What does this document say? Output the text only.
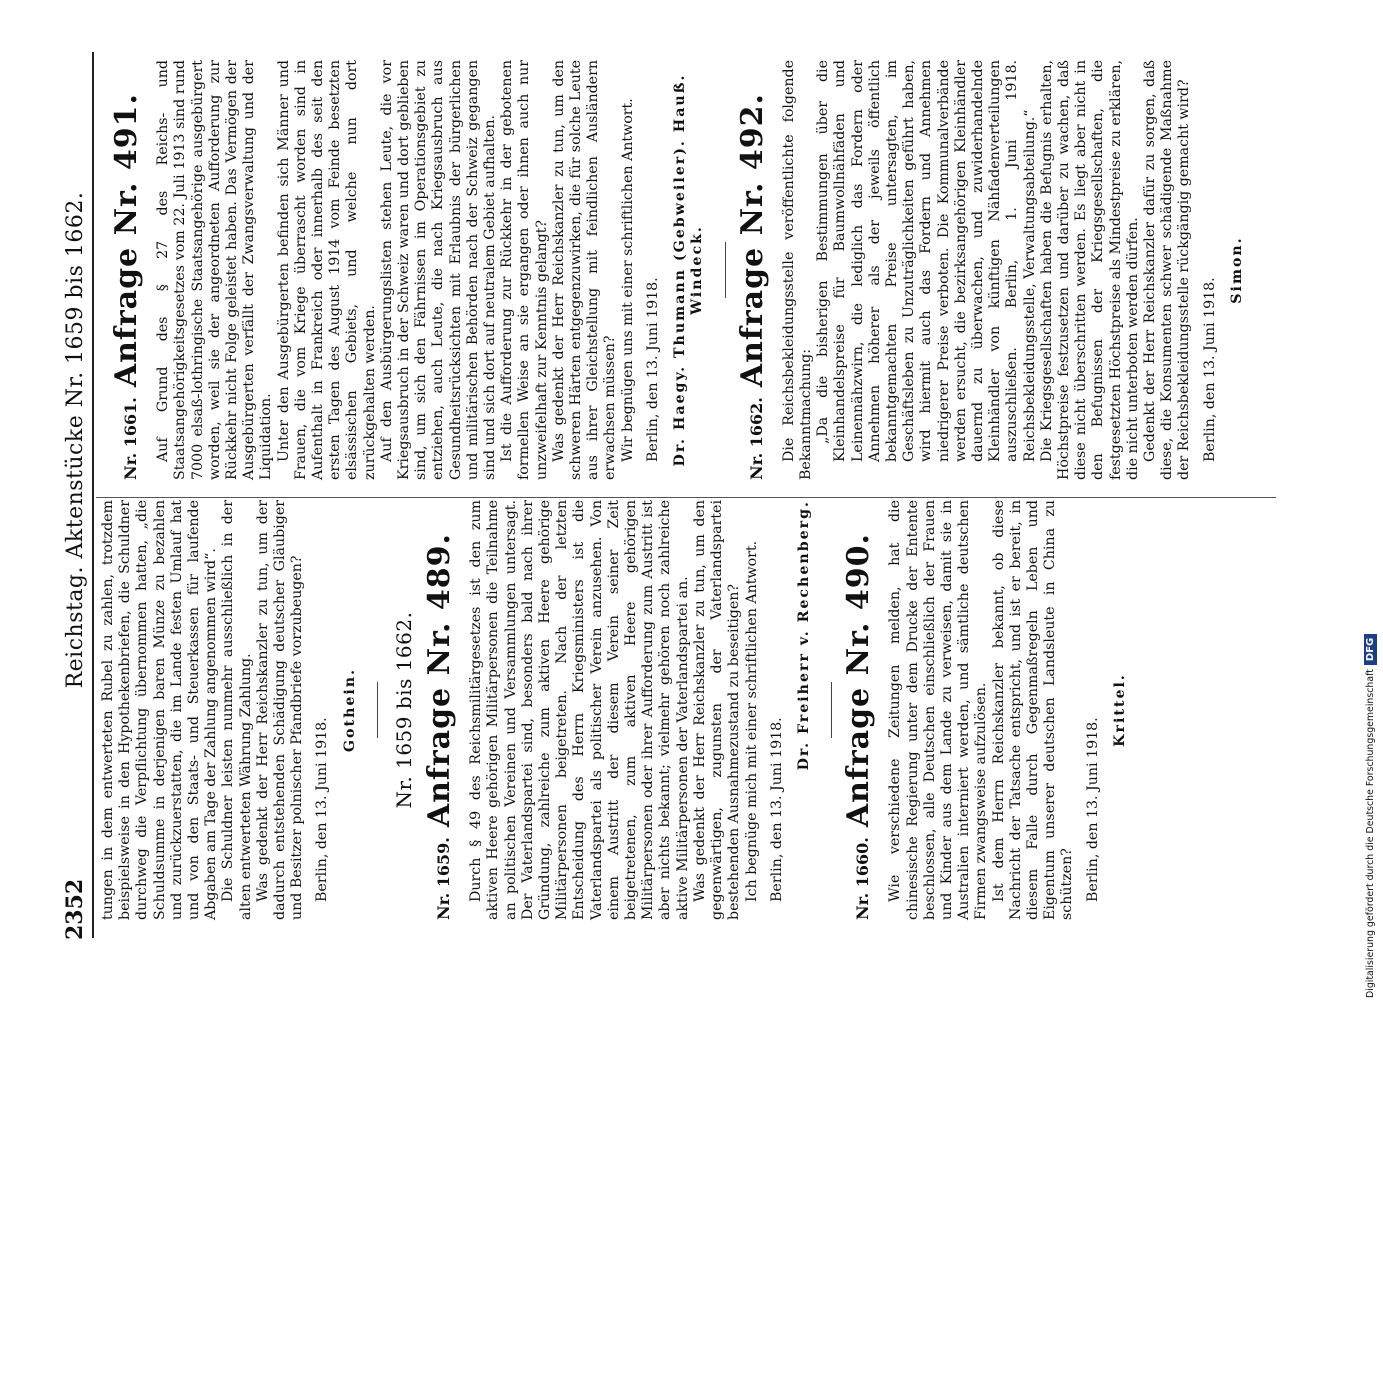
2352
Reichstag. Aktenstücke Nr. 1659 bis 1662.

tungen in dem entwerteten Rubel zu zahlen, trotzdem beispielsweise in den Hypothekenbriefen, die Schuldner durchweg die Verpflichtung übernommen hatten, „die Schuldsumme in derjenigen baren Münze zu bezahlen und zurückzuerstatten, die im Lande festen Umlauf hat und von den Staats- und Steuerkassen für laufende Abgaben am Tage der Zahlung angenommen wird“. Die Schuldner leisten nunmehr ausschließlich in der alten entwerteten Währung Zahlung. Was gedenkt der Herr Reichskanzler zu tun, um der dadurch entstehenden Schädigung deutscher Gläubiger und Besitzer polnischer Pfandbriefe vorzubeugen? Berlin, den 13. Juni 1918.

Gothein. Nr. 1659 bis 1662.
Nr. 1659.
Anfrage Nr. 489. Durch § 49 des Reichsmilitärgesetzes ist den zum aktiven Heere gehörigen Militärpersonen die Teilnahme an politischen Vereinen und Versammlungen untersagt. Der Vaterlandspartei sind, besonders bald nach ihrer Gründung, zahlreiche zum aktiven Heere gehörige Militärpersonen beigetreten. Nach der letzten Entscheidung des Herrn Kriegsministers ist die Vaterlandspartei als politischer Verein anzusehen. Von einem Austritt der diesem Verein seiner Zeit beigetretenen, zum aktiven Heere gehörigen Militärpersonen oder ihrer Aufforderung zum Austritt ist aber nichts bekannt; vielmehr gehören noch zahlreiche aktive Militärpersonen der Vaterlandspartei an. Was gedenkt der Herr Reichskanzler zu tun, um den gegenwärtigen, zugunsten der Vaterlandspartei bestehenden Ausnahmezustand zu beseitigen? Ich begnüge mich mit einer schriftlichen Antwort. Berlin, den 13. Juni 1918.

Dr. Freiherr v. Rechenberg.
Nr. 1660.
Anfrage Nr. 490. Wie verschiedene Zeitungen melden, hat die chinesische Regierung unter dem Drucke der Entente beschlossen, alle Deutschen einschließlich der Frauen und Kinder aus dem Lande zu verweisen, damit sie in Australien interniert werden, und sämtliche deutschen Firmen zwangsweise aufzulösen. Ist dem Herrn Reichskanzler bekannt, ob diese Nachricht der Tatsache entspricht, und ist er bereit, in diesem Falle durch Gegenmaßregeln Leben und Eigentum unserer deutschen Landsleute in China zu schützen? Berlin, den 13. Juni 1918.

Krittel.
Nr. 1661.
Anfrage Nr. 491. Auf Grund des § 27 des Reichs- und Staatsangehörigkeitsgesetzes vom 22. Juli 1913 sind rund 7000 elsaß-lothringische Staatsangehörige ausgebürgert worden, weil sie der angeordneten Aufforderung zur Rückkehr nicht Folge geleistet haben. Das Vermögen der Ausgebürgerten verfällt der Zwangsverwaltung und der Liquidation. Unter den Ausgebürgerten befinden sich Männer und Frauen, die vom Kriege überrascht worden sind in Aufenthalt in Frankreich oder innerhalb des seit den ersten Tagen des August 1914 vom Feinde besetzten elsässischen Gebiets, und welche nun dort zurückgehalten werden. Auf den Ausbürgerungslisten stehen Leute, die vor Kriegsausbruch in der Schweiz waren und dort geblieben sind, um sich den Fährnissen im Operationsgebiet zu entziehen, auch Leute, die nach Kriegsausbruch aus Gesundheitsrücksichten mit Erlaubnis der bürgerlichen und militärischen Behörden nach der Schweiz gegangen sind und sich dort auf neutralem Gebiet aufhalten. Ist die Aufforderung zur Rückkehr in der gebotenen formellen Weise an sie ergangen oder ihnen auch nur unzweifelhaft zur Kenntnis gelangt? Was gedenkt der Herr Reichskanzler zu tun, um den schweren Härten entgegenzuwirken, die für solche Leute aus ihrer Gleichstellung mit feindlichen Ausländern erwachsen müssen? Wir begnügen uns mit einer schriftlichen Antwort. Berlin, den 13. Juni 1918. Dr. Haegy. Thumann (Gebweiler). Hauß. Windeck.
Nr. 1662.
Anfrage Nr. 492. Die Reichsbekleidungsstelle veröffentlichte folgende Bekanntmachung: „Da die bisherigen Bestimmungen über die Kleinhandelspreise für Baumwollnähfäden und Leinennähzwirn, die lediglich das Fordern oder Annehmen höherer als der jeweils öffentlich bekanntgemachten Preise untersagten, im Geschäftsleben zu Unzuträglichkeiten geführt haben, wird hiermit auch das Fordern und Annehmen niedrigerer Preise verboten. Die Kommunalverbände werden ersucht, die bezirksangehörigen Kleinhändler dauernd zu überwachen, und zuwiderhandelnde Kleinhändler von künftigen Nähfadenverteilungen auszuschließen. Berlin, 1. Juni 1918. Reichsbekleidungsstelle, Verwaltungsabteilung.“ Die Kriegsgesellschaften haben die Befugnis erhalten, Höchstpreise festzusetzen und darüber zu wachen, daß diese nicht überschritten werden. Es liegt aber nicht in den Befugnissen der Kriegsgesellschaften, die festgesetzten Höchstpreise als Mindestpreise zu erklären, die nicht unterboten werden dürfen. Gedenkt der Herr Reichskanzler dafür zu sorgen, daß diese, die Konsumenten schwer schädigende Maßnahme der Reichsbekleidungsstelle rückgängig gemacht wird? Berlin, den 13. Juni 1918.

Simon.
Digitalisierung gefördert durch die Deutsche Forschungsgemeinschaft
DFG
